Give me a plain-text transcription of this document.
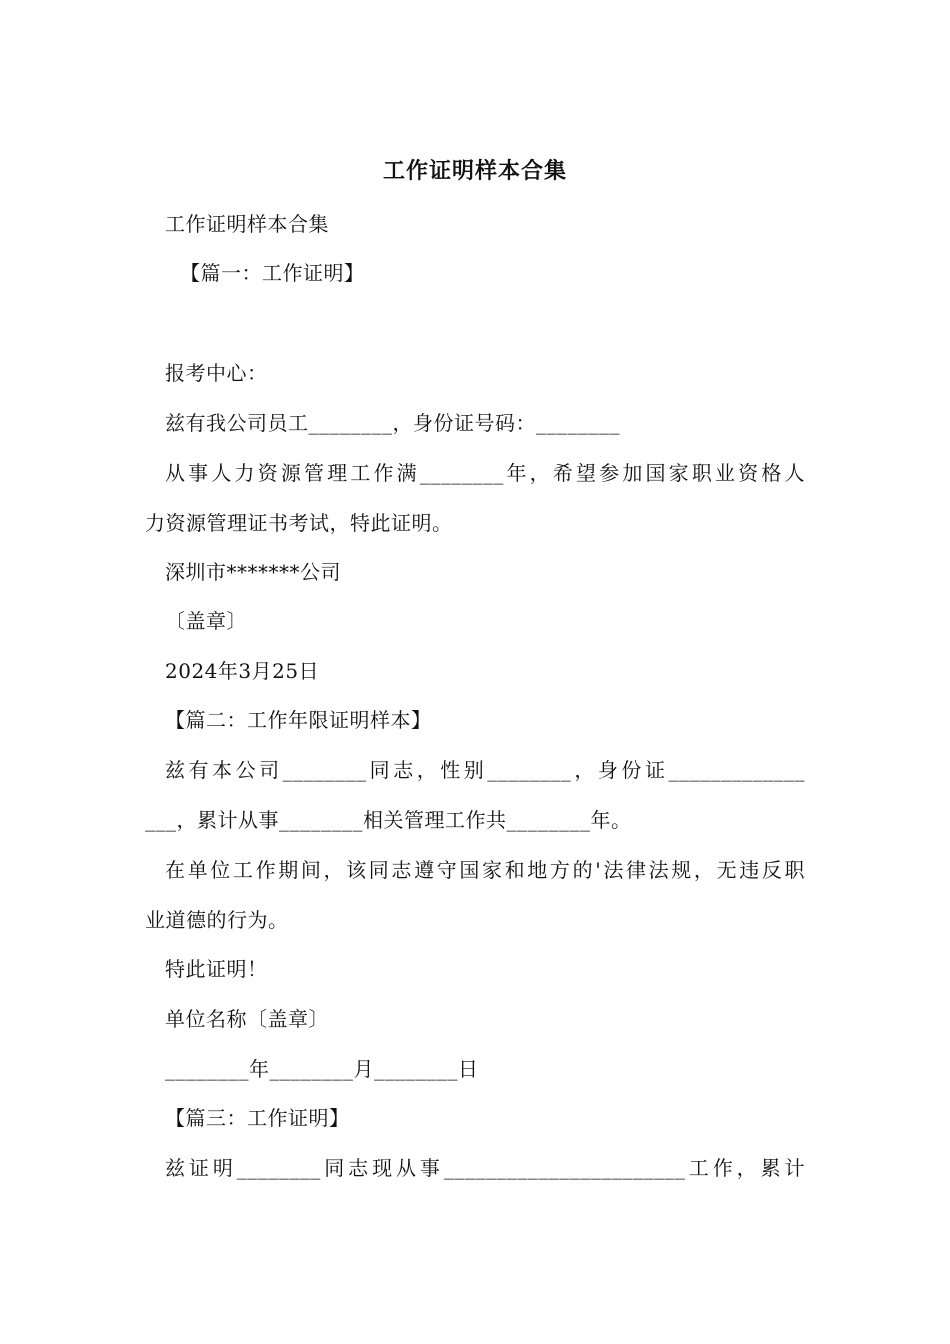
工作证明样本合集
工作证明样本合集
【篇一：工作证明】
报考中心：
兹有我公司员工________，身份证号码：________
从事人力资源管理工作满________年，希望参加国家职业资格人
力资源管理证书考试，特此证明。
深圳市*******公司
〔盖章〕
2024年3月25日
【篇二：工作年限证明样本】
兹有本公司________同志，性别________，身份证_____________
___，累计从事________相关管理工作共________年。
在单位工作期间，该同志遵守国家和地方的'法律法规，无违反职
业道德的行为。
特此证明！
单位名称〔盖章〕
________年________月________日
【篇三：工作证明】
兹证明________同志现从事_______________________工作，累计
